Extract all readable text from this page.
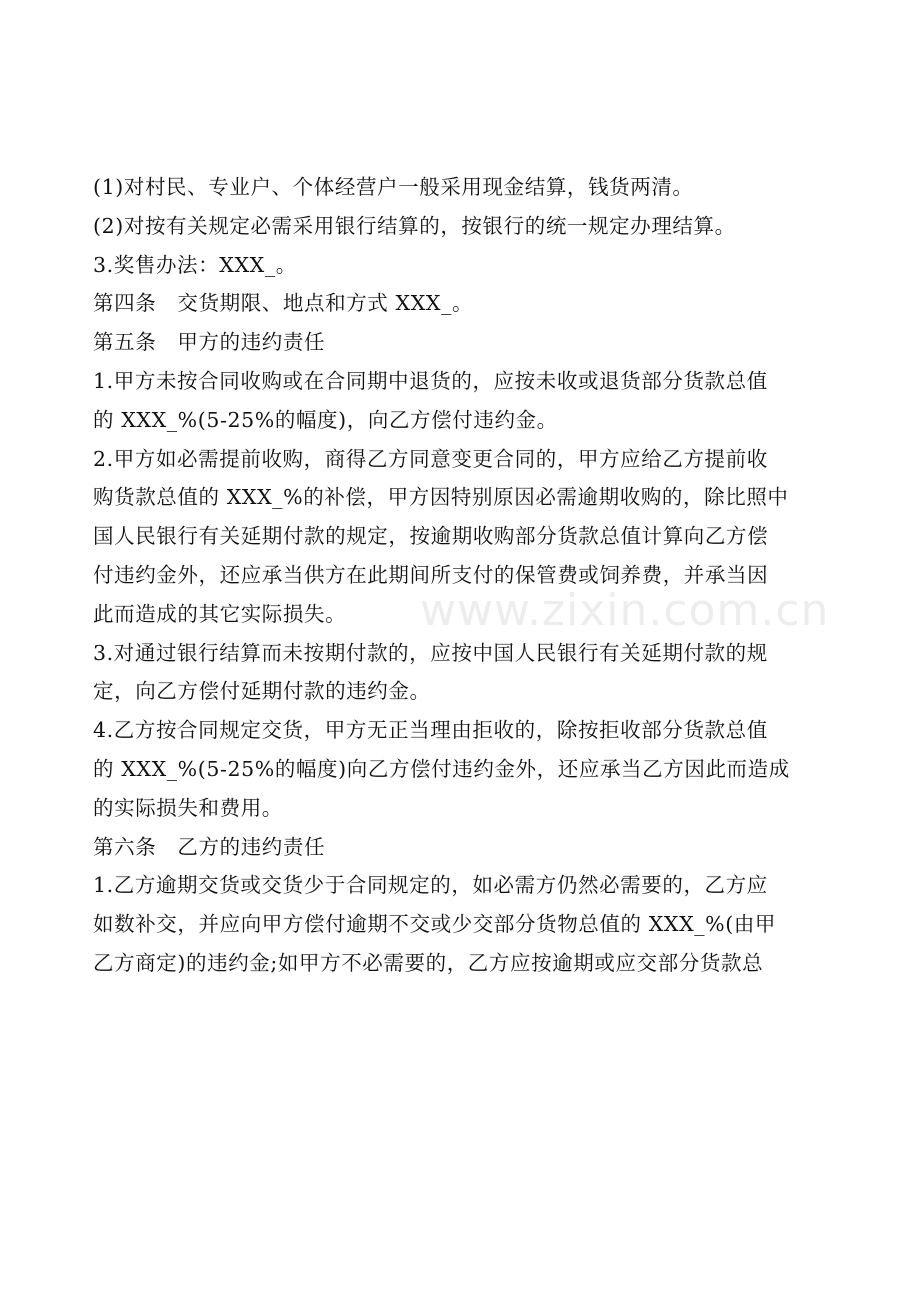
(1)对村民、专业户、个体经营户一般采用现金结算，钱货两清。
(2)对按有关规定必需采用银行结算的，按银行的统一规定办理结算。
3.奖售办法：XXX_。
第四条　交货期限、地点和方式 XXX_。
第五条　甲方的违约责任
1.甲方未按合同收购或在合同期中退货的，应按未收或退货部分货款总值
的 XXX_%(5-25%的幅度)，向乙方偿付违约金。
2.甲方如必需提前收购，商得乙方同意变更合同的，甲方应给乙方提前收
购货款总值的 XXX_%的补偿，甲方因特别原因必需逾期收购的，除比照中
国人民银行有关延期付款的规定，按逾期收购部分货款总值计算向乙方偿
付违约金外，还应承当供方在此期间所支付的保管费或饲养费，并承当因
此而造成的其它实际损失。
3.对通过银行结算而未按期付款的，应按中国人民银行有关延期付款的规
定，向乙方偿付延期付款的违约金。
4.乙方按合同规定交货，甲方无正当理由拒收的，除按拒收部分货款总值
的 XXX_%(5-25%的幅度)向乙方偿付违约金外，还应承当乙方因此而造成
的实际损失和费用。
第六条　乙方的违约责任
1.乙方逾期交货或交货少于合同规定的，如必需方仍然必需要的，乙方应
如数补交，并应向甲方偿付逾期不交或少交部分货物总值的 XXX_%(由甲
乙方商定)的违约金;如甲方不必需要的，乙方应按逾期或应交部分货款总
www.zixin.com.cn
